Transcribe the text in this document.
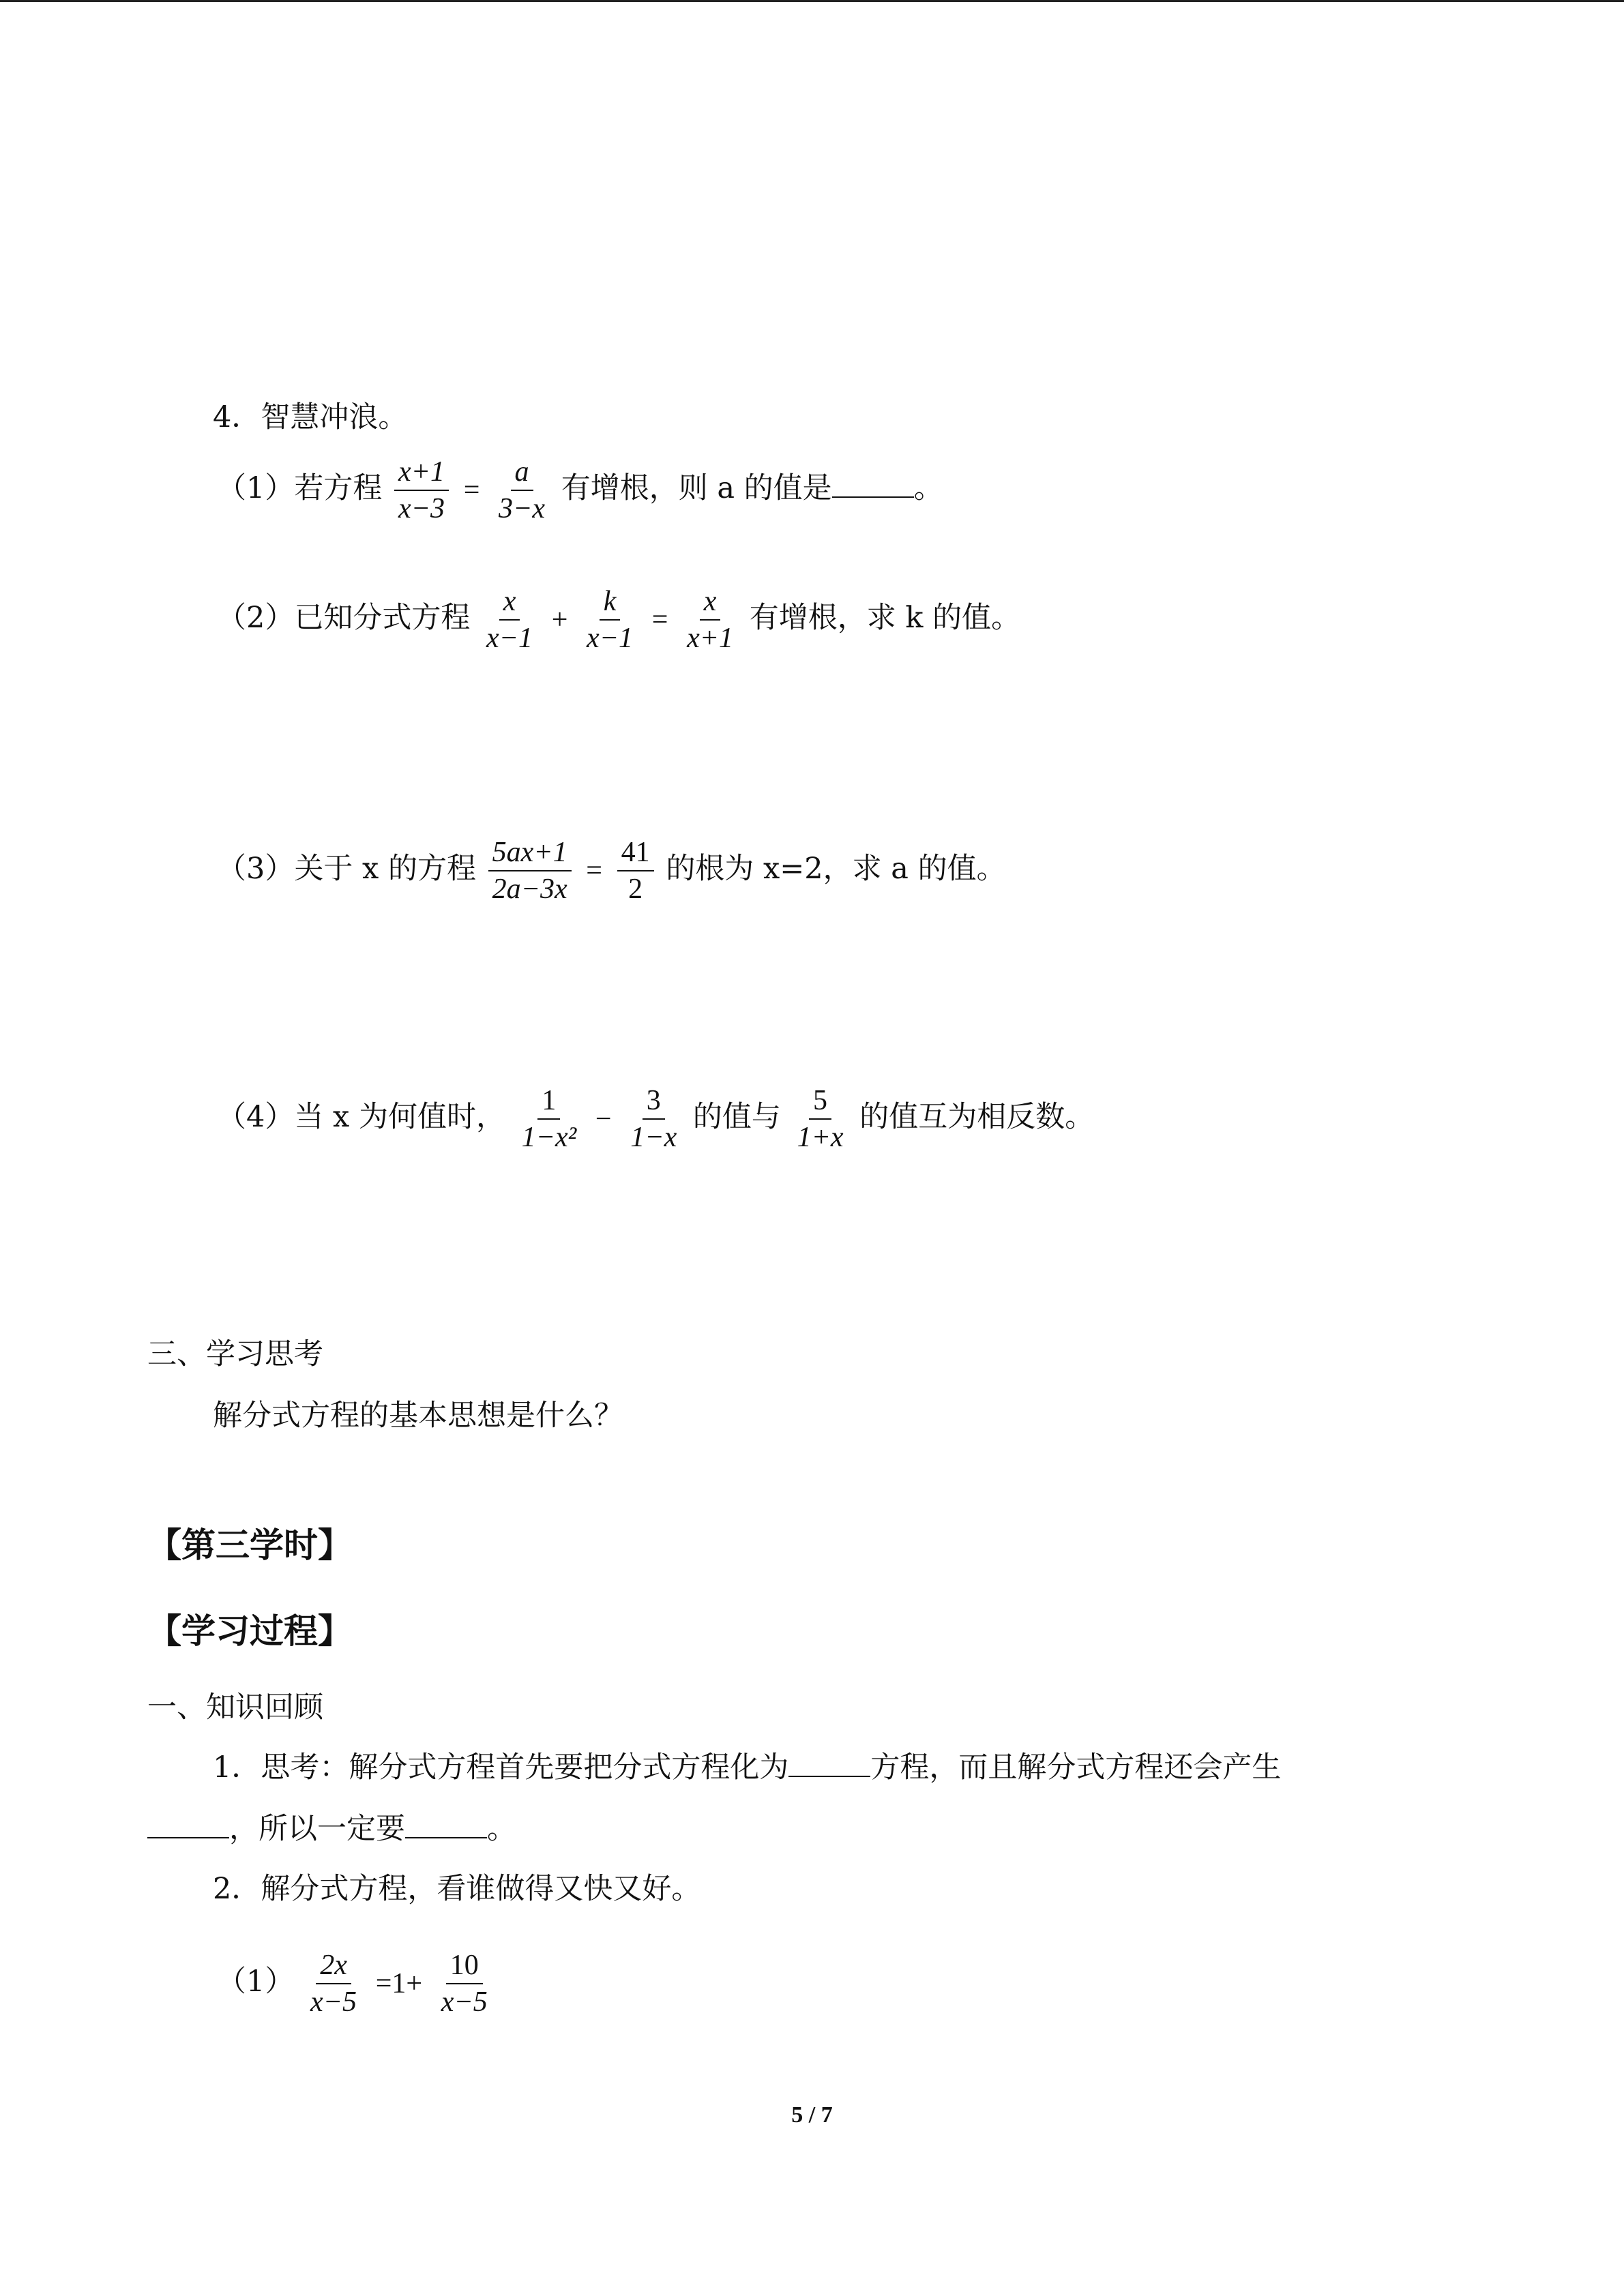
4．智慧冲浪。
（1）若方程 $\frac{x+1}{x-3} = \frac{a}{3-x}$ 有增根，则 a 的值是	。
（2）已知分式方程 $\frac{x}{x-1} + \frac{k}{x-1} = \frac{x}{x+1}$ 有增根，求 k 的值。
（3）关于 x 的方程 $\frac{5ax+1}{2a-3x} = \frac{41}{2}$ 的根为 x=2，求 a 的值。
（4）当 x 为何值时， $\frac{1}{\text{1−x²}} - \frac{3}{1-x}$ 的值与 $\frac{5}{1+x}$ 的值互为相反数。
三、学习思考
解分式方程的基本思想是什么？
【第三学时】
【学习过程】
一、知识回顾
1．思考：解分式方程首先要把分式方程化为	方程，而且解分式方程还会产生
，所以一定要	。
2．解分式方程，看谁做得又快又好。
$(1) \frac{2x}{x-5} =1+ \frac{10}{x-5}$
5 / 7
